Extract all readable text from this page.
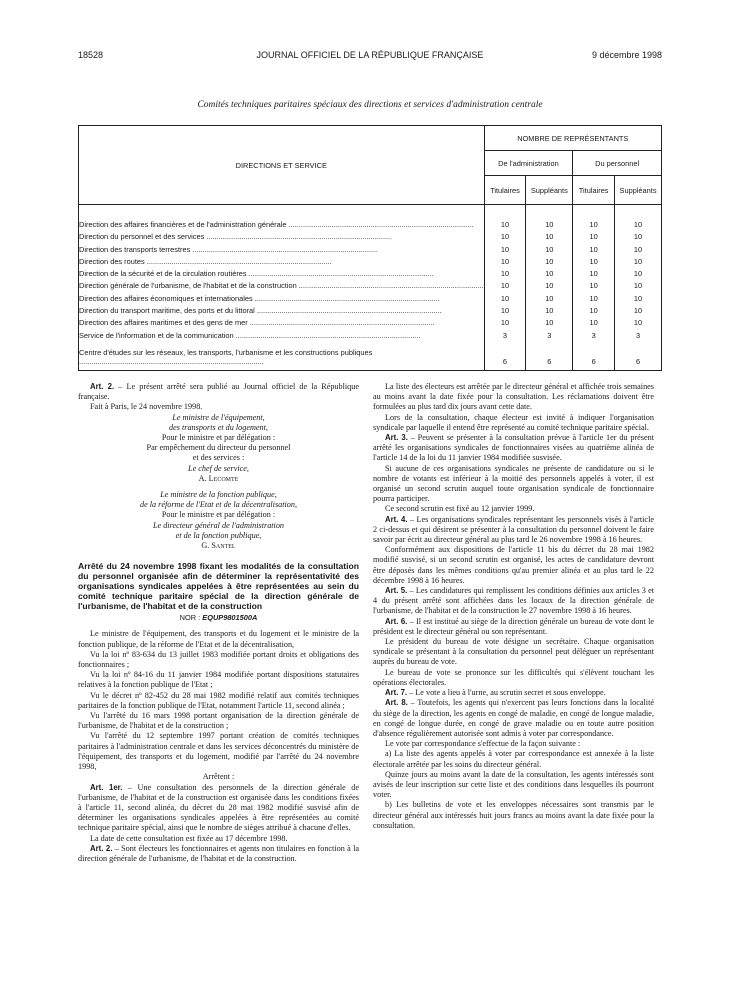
18528	JOURNAL OFFICIEL DE LA RÉPUBLIQUE FRANÇAISE	9 décembre 1998
Comités techniques paritaires spéciaux des directions et services d'administration centrale
DIRECTIONS ET SERVICE	NOMBRE DE REPRÉSENTANTS			
	De l'administration		Du personnel	
	Titulaires	Suppléants	Titulaires	Suppléants
Direction des affaires financières et de l'administration générale ..........................................................................................	10	10	10	10
Direction du personnel et des services ..........................................................................................	10	10	10	10
Direction des transports terrestres ..........................................................................................	10	10	10	10
Direction des routes ..........................................................................................	10	10	10	10
Direction de la sécurité et de la circulation routières ..........................................................................................	10	10	10	10
Direction générale de l'urbanisme, de l'habitat et de la construction ..........................................................................................	10	10	10	10
Direction des affaires économiques et internationales ..........................................................................................	10	10	10	10
Direction du transport maritime, des ports et du littoral ..........................................................................................	10	10	10	10
Direction des affaires maritimes et des gens de mer ..........................................................................................	10	10	10	10
Service de l'information et de la communication ..........................................................................................	3	3	3	3
Centre d'études sur les réseaux, les transports, l'urbanisme et les constructions publiques ..........................................................................................	6	6	6	6

Art. 2. – Le présent arrêté sera publié au Journal officiel de la République française.

Fait à Paris, le 24 novembre 1998.

Le ministre de l'équipement,

des transports et du logement,

Pour le ministre et par délégation :

Par empêchement du directeur du personnel

et des services :

Le chef de service,

A. Lecomte

Le ministre de la fonction publique,

de la réforme de l'Etat et de la décentralisation,

Pour le ministre et par délégation :

Le directeur général de l'administration

et de la fonction publique,

G. Santel

Arrêté du 24 novembre 1998 fixant les modalités de la consultation du personnel organisée afin de déterminer la représentativité des organisations syndicales appelées à être représentées au sein du comité technique paritaire spécial de la direction générale de l'urbanisme, de l'habitat et de la construction

NOR : EQUP9801500A

Le ministre de l'équipement, des transports et du logement et le ministre de la fonction publique, de la réforme de l'Etat et de la décentralisation,

Vu la loi nº 83-634 du 13 juillet 1983 modifiée portant droits et obligations des fonctionnaires ;

Vu la loi nº 84-16 du 11 janvier 1984 modifiée portant dispositions statutaires relatives à la fonction publique de l'Etat ;

Vu le décret nº 82-452 du 28 mai 1982 modifié relatif aux comités techniques paritaires de la fonction publique de l'Etat, notamment l'article 11, second alinéa ;

Vu l'arrêté du 16 mars 1998 portant organisation de la direction générale de l'urbanisme, de l'habitat et de la construction ;

Vu l'arrêté du 12 septembre 1997 portant création de comités techniques paritaires à l'administration centrale et dans les services déconcentrés du ministère de l'équipement, des transports et du logement, modifié par l'arrêté du 24 novembre 1998,

Arrêtent :

Art. 1er. – Une consultation des personnels de la direction générale de l'urbanisme, de l'habitat et de la construction est organisée dans les conditions fixées à l'article 11, second alinéa, du décret du 28 mai 1982 modifié susvisé afin de déterminer les organisations syndicales appelées à être représentées au comité technique paritaire spécial, ainsi que le nombre de sièges attribué à chacune d'elles.

La date de cette consultation est fixée au 17 décembre 1998.

Art. 2. – Sont électeurs les fonctionnaires et agents non titulaires en fonction à la direction générale de l'urbanisme, de l'habitat et de la construction.

La liste des électeurs est arrêtée par le directeur général et affichée trois semaines au moins avant la date fixée pour la consultation. Les réclamations doivent être formulées au plus tard dix jours avant cette date.

Lors de la consultation, chaque électeur est invité à indiquer l'organisation syndicale par laquelle il entend être représenté au comité technique paritaire spécial.

Art. 3. – Peuvent se présenter à la consultation prévue à l'article 1er du présent arrêté les organisations syndicales de fonctionnaires visées au quatrième alinéa de l'article 14 de la loi du 11 janvier 1984 modifiée susvisée.

Si aucune de ces organisations syndicales ne présente de candidature ou si le nombre de votants est inférieur à la moitié des personnels appelés à voter, il est organisé un second scrutin auquel toute organisation syndicale de fonctionnaire pourra participer.

Ce second scrutin est fixé au 12 janvier 1999.

Art. 4. – Les organisations syndicales représentant les personnels visés à l'article 2 ci-dessus et qui désirent se présenter à la consultation du personnel doivent le faire savoir par écrit au directeur général au plus tard le 26 novembre 1998 à 16 heures.

Conformément aux dispositions de l'article 11 bis du décret du 28 mai 1982 modifié susvisé, si un second scrutin est organisé, les actes de candidature devront être déposés dans les mêmes conditions qu'au premier alinéa et au plus tard le 22 décembre 1998 à 16 heures.

Art. 5. – Les candidatures qui remplissent les conditions définies aux articles 3 et 4 du présent arrêté sont affichées dans les locaux de la direction générale de l'urbanisme, de l'habitat et de la construction le 27 novembre 1998 à 16 heures.

Art. 6. – Il est institué au siège de la direction générale un bureau de vote dont le président est le directeur général ou son représentant.

Le président du bureau de vote désigne un secrétaire. Chaque organisation syndicale se présentant à la consultation du personnel peut déléguer un représentant auprès du bureau de vote.

Le bureau de vote se prononce sur les difficultés qui s'élèvent touchant les opérations électorales.

Art. 7. – Le vote a lieu à l'urne, au scrutin secret et sous enveloppe.

Art. 8. – Toutefois, les agents qui n'exercent pas leurs fonctions dans la localité du siège de la direction, les agents en congé de maladie, en congé de longue maladie, en congé de longue durée, en congé de grave maladie ou en toute autre position d'absence régulièrement autorisée sont admis à voter par correspondance.

Le vote par correspondance s'effectue de la façon suivante :

a) La liste des agents appelés à voter par correspondance est annexée à la liste électorale arrêtée par les soins du directeur général.

Quinze jours au moins avant la date de la consultation, les agents intéressés sont avisés de leur inscription sur cette liste et des conditions dans lesquelles ils pourront voter.

b) Les bulletins de vote et les enveloppes nécessaires sont transmis par le directeur général aux intéressés huit jours francs au moins avant la date fixée pour la consultation.
